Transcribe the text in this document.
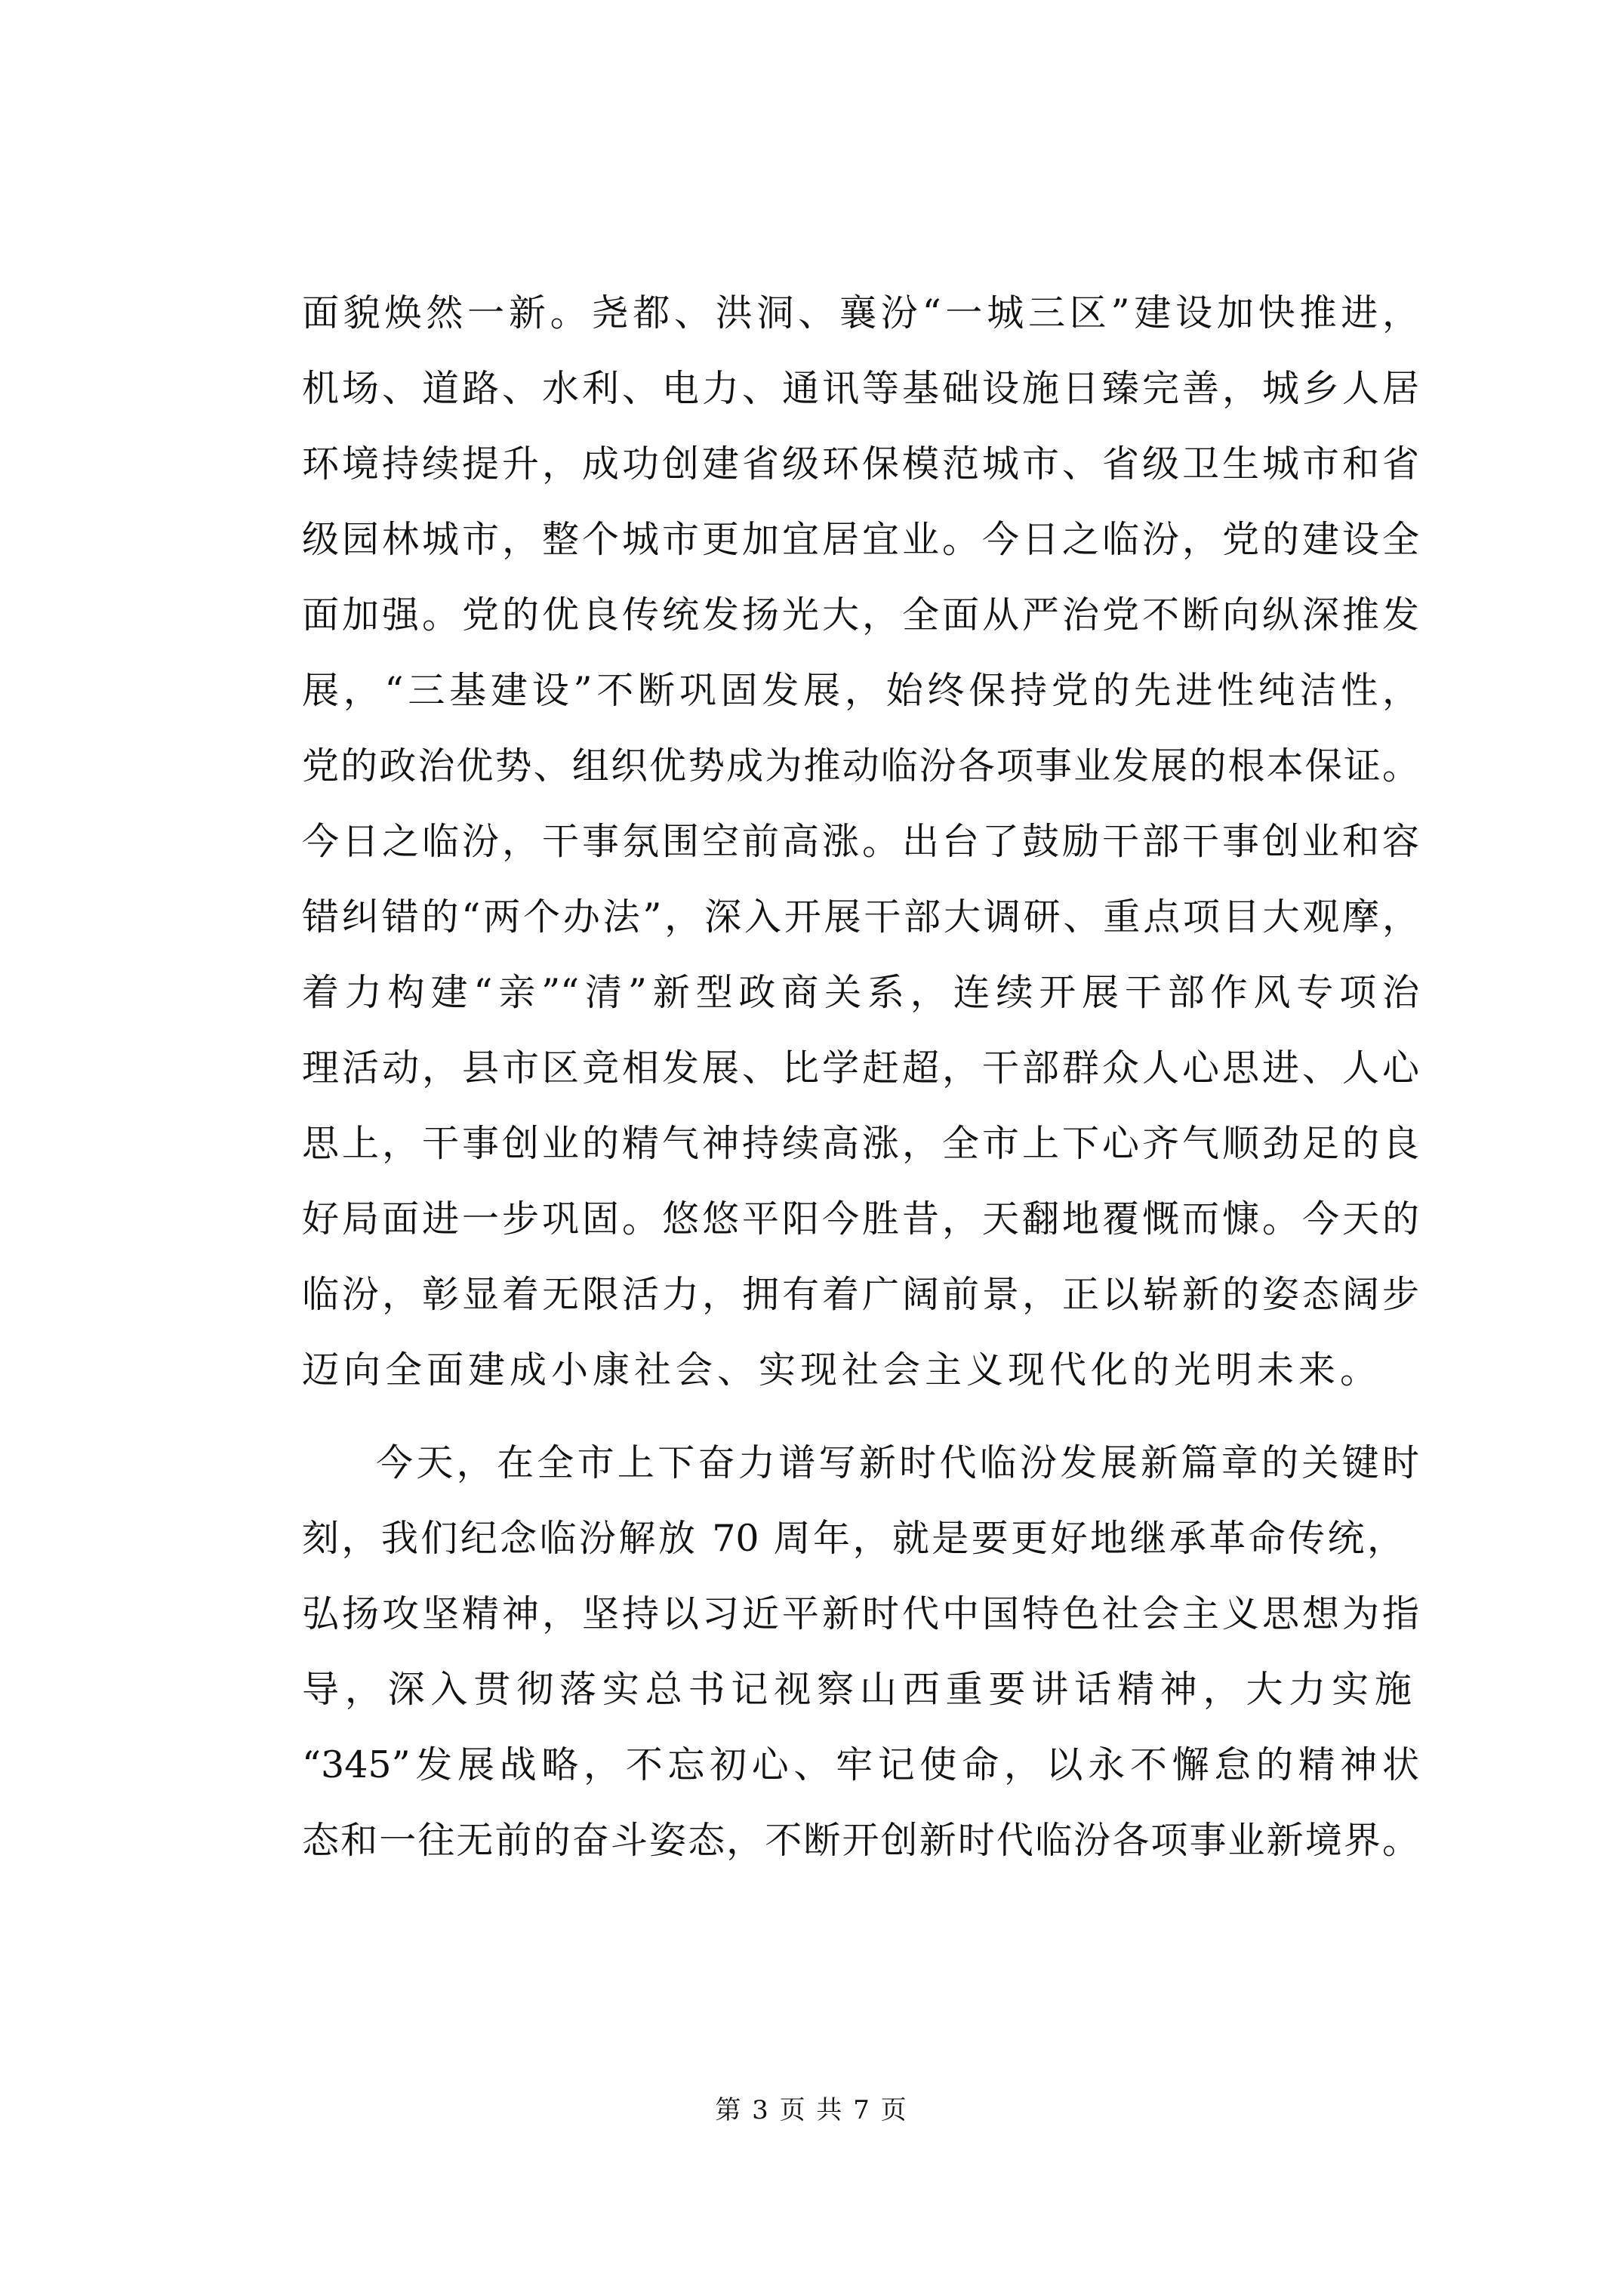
面貌焕然一新。尧都、洪洞、襄汾“一城三区”建设加快推进，
机场、道路、水利、电力、通讯等基础设施日臻完善，城乡人居
环境持续提升，成功创建省级环保模范城市、省级卫生城市和省
级园林城市，整个城市更加宜居宜业。今日之临汾，党的建设全
面加强。党的优良传统发扬光大，全面从严治党不断向纵深推发
展，“三基建设”不断巩固发展，始终保持党的先进性纯洁性，
党的政治优势、组织优势成为推动临汾各项事业发展的根本保证。
今日之临汾，干事氛围空前高涨。出台了鼓励干部干事创业和容
错纠错的“两个办法”，深入开展干部大调研、重点项目大观摩，
着力构建“亲”“清”新型政商关系，连续开展干部作风专项治
理活动，县市区竞相发展、比学赶超，干部群众人心思进、人心
思上，干事创业的精气神持续高涨，全市上下心齐气顺劲足的良
好局面进一步巩固。悠悠平阳今胜昔，天翻地覆慨而慷。今天的
临汾，彰显着无限活力，拥有着广阔前景，正以崭新的姿态阔步
迈向全面建成小康社会、实现社会主义现代化的光明未来。
今天，在全市上下奋力谱写新时代临汾发展新篇章的关键时
刻，我们纪念临汾解放 70 周年，就是要更好地继承革命传统，
弘扬攻坚精神，坚持以习近平新时代中国特色社会主义思想为指
导，深入贯彻落实总书记视察山西重要讲话精神，大力实施
“345”发展战略，不忘初心、牢记使命，以永不懈怠的精神状
态和一往无前的奋斗姿态，不断开创新时代临汾各项事业新境界。
第 3 页 共 7 页
